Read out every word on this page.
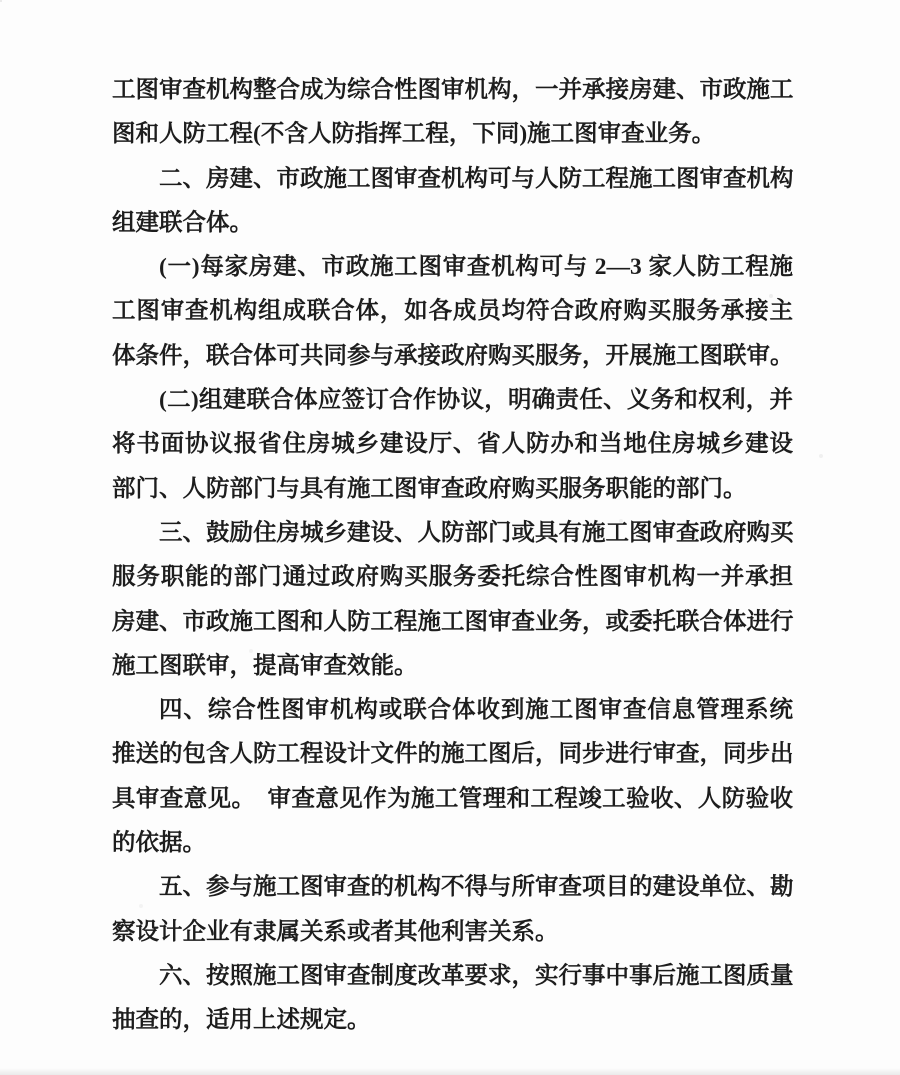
工图审查机构整合成为综合性图审机构，一并承接房建、市政施工
图和人防工程(不含人防指挥工程，下同)施工图审查业务。
二、房建、市政施工图审查机构可与人防工程施工图审查机构
组建联合体。
(一)每家房建、市政施工图审查机构可与 2—3 家人防工程施
工图审查机构组成联合体，如各成员均符合政府购买服务承接主
体条件，联合体可共同参与承接政府购买服务，开展施工图联审。
(二)组建联合体应签订合作协议，明确责任、义务和权利，并
将书面协议报省住房城乡建设厅、省人防办和当地住房城乡建设
部门、人防部门与具有施工图审查政府购买服务职能的部门。
三、鼓励住房城乡建设、人防部门或具有施工图审查政府购买
服务职能的部门通过政府购买服务委托综合性图审机构一并承担
房建、市政施工图和人防工程施工图审查业务，或委托联合体进行
施工图联审，提高审查效能。
四、综合性图审机构或联合体收到施工图审查信息管理系统
推送的包含人防工程设计文件的施工图后，同步进行审查，同步出
具审查意见。　审查意见作为施工管理和工程竣工验收、人防验收
的依据。
五、参与施工图审查的机构不得与所审查项目的建设单位、勘
察设计企业有隶属关系或者其他利害关系。
六、按照施工图审查制度改革要求，实行事中事后施工图质量
抽查的，适用上述规定。
